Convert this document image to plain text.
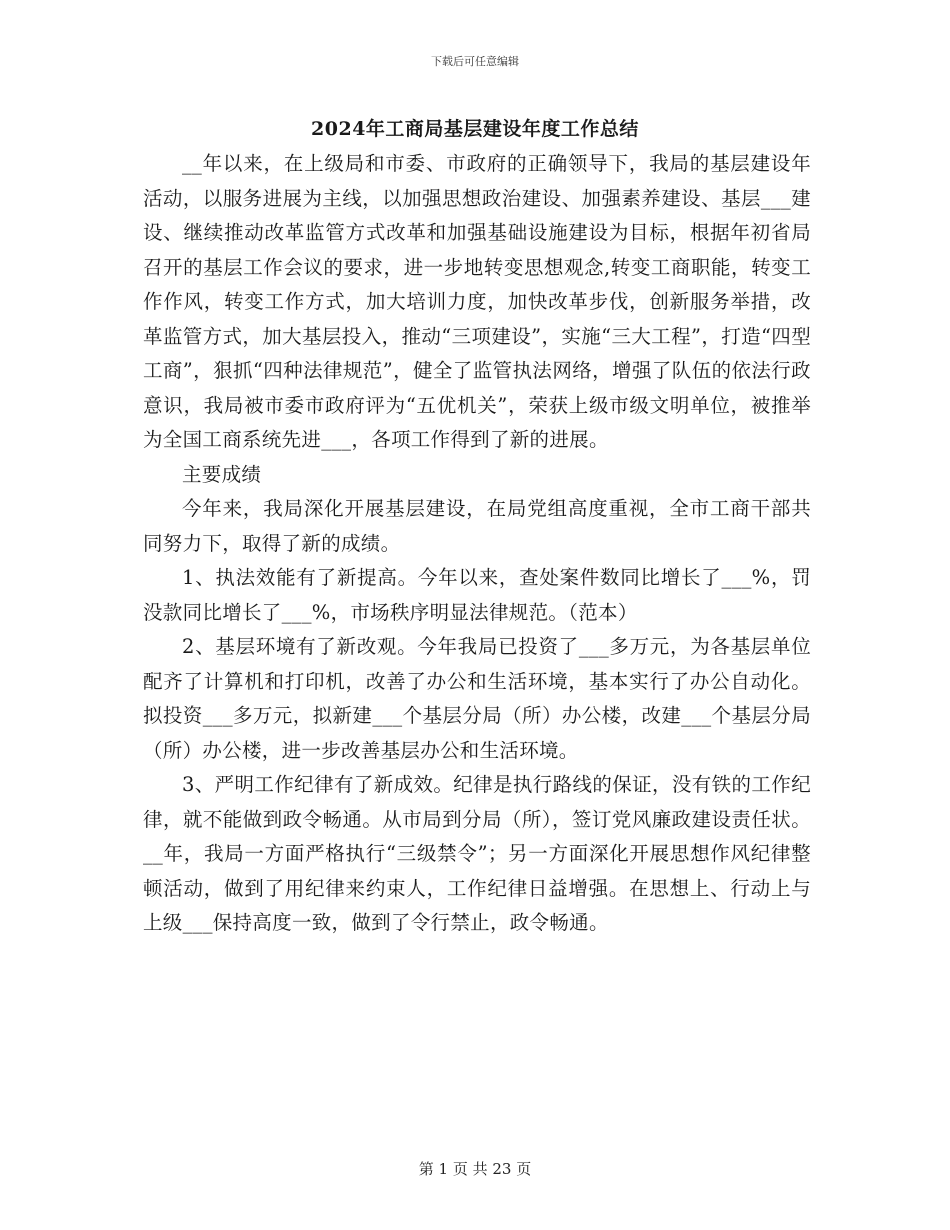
下载后可任意编辑
2024年工商局基层建设年度工作总结

__年以来，在上级局和市委、市政府的正确领导下，我局的基层建设年活动，以服务进展为主线，以加强思想政治建设、加强素养建设、基层___建设、继续推动改革监管方式改革和加强基础设施建设为目标，根据年初省局召开的基层工作会议的要求，进一步地转变思想观念,转变工商职能，转变工作作风，转变工作方式，加大培训力度，加快改革步伐，创新服务举措，改革监管方式，加大基层投入，推动“三项建设”，实施“三大工程”，打造“四型工商”，狠抓“四种法律规范”，健全了监管执法网络，增强了队伍的依法行政意识，我局被市委市政府评为“五优机关”，荣获上级市级文明单位，被推举为全国工商系统先进___，各项工作得到了新的进展。

主要成绩

今年来，我局深化开展基层建设，在局党组高度重视，全市工商干部共同努力下，取得了新的成绩。

1、执法效能有了新提高。今年以来，查处案件数同比增长了___%，罚没款同比增长了___%，市场秩序明显法律规范。（范本）

2、基层环境有了新改观。今年我局已投资了___多万元，为各基层单位配齐了计算机和打印机，改善了办公和生活环境，基本实行了办公自动化。拟投资___多万元，拟新建___个基层分局（所）办公楼，改建___个基层分局（所）办公楼，进一步改善基层办公和生活环境。

3、严明工作纪律有了新成效。纪律是执行路线的保证，没有铁的工作纪律，就不能做到政令畅通。从市局到分局（所），签订党风廉政建设责任状。__年，我局一方面严格执行“三级禁令”；另一方面深化开展思想作风纪律整顿活动，做到了用纪律来约束人，工作纪律日益增强。在思想上、行动上与上级___保持高度一致，做到了令行禁止，政令畅通。

第 1 页 共 23 页
